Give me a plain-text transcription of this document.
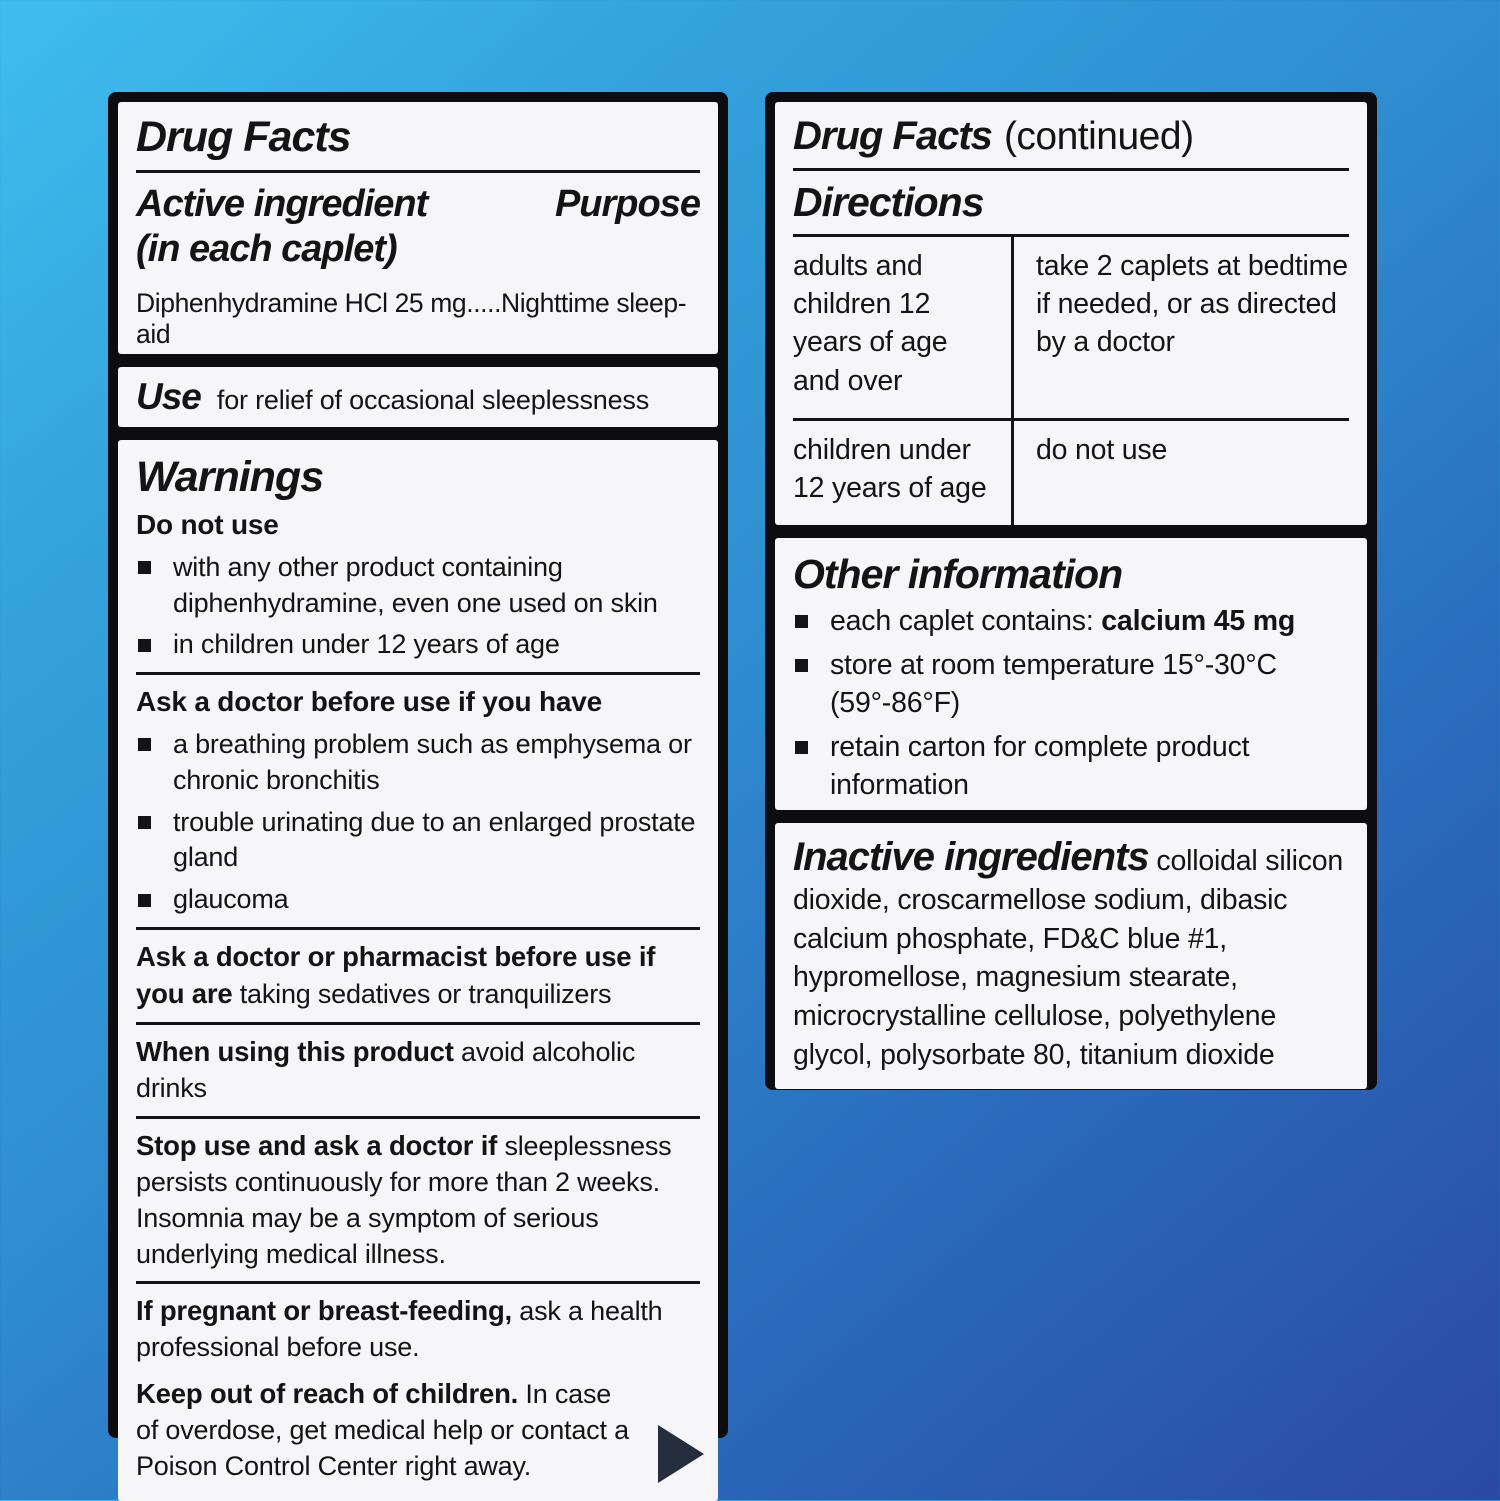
Drug Facts
Active ingredient
(in each caplet)
Purpose
Diphenhydramine HCl 25 mg.....Nighttime sleep-aid
Use for relief of occasional sleeplessness
Warnings
Do not use
with any other product containing diphenhydramine, even one used on skin
in children under 12 years of age
Ask a doctor before use if you have
a breathing problem such as emphysema or chronic bronchitis
trouble urinating due to an enlarged prostate gland
glaucoma

Ask a doctor or pharmacist before use if you are taking sedatives or tranquilizers

When using this product avoid alcoholic drinks

Stop use and ask a doctor if sleeplessness persists continuously for more than 2 weeks. Insomnia may be a symptom of serious underlying medical illness.

If pregnant or breast-feeding, ask a health professional before use.

Keep out of reach of children. In case of overdose, get medical help or contact a Poison Control Center right away.

Drug Facts (continued)
Directions
adults and children 12 years of age and over
take 2 caplets at bedtime if needed, or as directed by a doctor
children under 12 years of age
do not use
Other information
each caplet contains: calcium 45 mg
store at room temperature 15°-30°C (59°-86°F)
retain carton for complete product information
Inactive ingredients colloidal silicon dioxide, croscarmellose sodium, dibasic calcium phosphate, FD&C blue #1, hypromellose, magnesium stearate, microcrystalline cellulose, polyethylene glycol, polysorbate 80, titanium dioxide
